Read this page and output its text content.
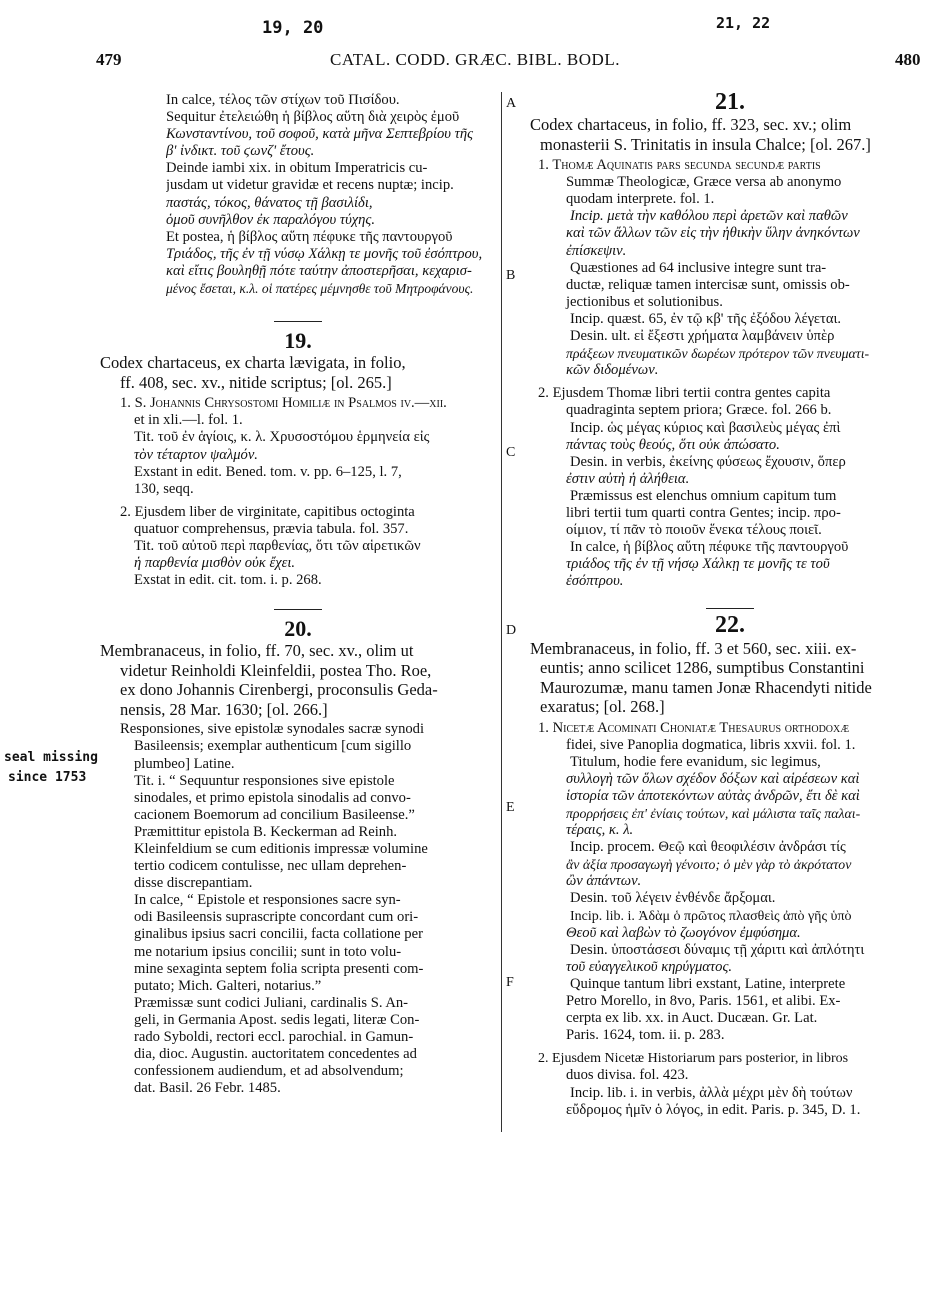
19, 20	21, 22
seal missing
since 1753
479	CATAL. CODD. GRÆC. BIBL. BODL.	480
A
B
C
D
E
F

In calce, τέλος τῶν στίχων τοῦ Πισίδου.

Sequitur ἐτελειώθη ἡ βίβλος αὕτη διὰ χειρὸς ἐμοῦ

Κωνσταντίνου, τοῦ σοφοῦ, κατὰ μῆνα Σεπτεβρίου τῆς

β' ἰνδικτ. τοῦ ϛωνζ' ἔτους.

Deinde iambi xix. in obitum Imperatricis cu-

jusdam ut videtur gravidæ et recens nuptæ; incip.

παστάς, τόκος, θάνατος τῇ βασιλίδι,

ὁμοῦ συνῆλθον ἐκ παραλόγου τύχης.

Et postea, ἡ βίβλος αὕτη πέφυκε τῆς παντουργοῦ

Τριάδος, τῆς ἐν τῇ νύσῳ Χάλκῃ τε μονῆς τοῦ ἐσόπτρου,

καὶ εἴτις βουληθῇ πότε ταύτην ἀποστερῆσαι, κεχαρισ-

μένος ἔσεται, κ.λ. οἱ πατέρες μέμνησθε τοῦ Μητροφάνους.

19.

Codex chartaceus, ex charta lævigata, in folio,

ff. 408, sec. xv., nitide scriptus; [ol. 265.]

1. S. Johannis Chrysostomi Homiliæ in Psalmos iv.—xii.

et in xli.—l. fol. 1.

Tit. τοῦ ἐν ἁγίοις, κ. λ. Χρυσοστόμου ἑρμηνεία εἰς

τὸν τέταρτον ψαλμόν.

Exstant in edit. Bened. tom. v. pp. 6–125, l. 7,

130, seqq.

2. Ejusdem liber de virginitate, capitibus octoginta

quatuor comprehensus, prævia tabula. fol. 357.

Tit. τοῦ αὐτοῦ περὶ παρθενίας, ὅτι τῶν αἱρετικῶν

ἡ παρθενία μισθὸν οὐκ ἔχει.

Exstat in edit. cit. tom. i. p. 268.

20.

Membranaceus, in folio, ff. 70, sec. xv., olim ut

videtur Reinholdi Kleinfeldii, postea Tho. Roe,

ex dono Johannis Cirenbergi, proconsulis Geda-

nensis, 28 Mar. 1630; [ol. 266.]

Responsiones, sive epistolæ synodales sacræ synodi

Basileensis; exemplar authenticum [cum sigillo

plumbeo] Latine.

Tit. i. “ Sequuntur responsiones sive epistole

sinodales, et primo epistola sinodalis ad convo-

cacionem Boemorum ad concilium Basileense.”

Præmittitur epistola B. Keckerman ad Reinh.

Kleinfeldium se cum editionis impressæ volumine

tertio codicem contulisse, nec ullam deprehen-

disse discrepantiam.

In calce, “ Epistole et responsiones sacre syn-

odi Basileensis suprascripte concordant cum ori-

ginalibus ipsius sacri concilii, facta collatione per

me notarium ipsius concilii; sunt in toto volu-

mine sexaginta septem folia scripta presenti com-

putato; Mich. Galteri, notarius.”

Præmissæ sunt codici Juliani, cardinalis S. An-

geli, in Germania Apost. sedis legati, literæ Con-

rado Syboldi, rectori eccl. parochial. in Gamun-

dia, dioc. Augustin. auctoritatem concedentes ad

confessionem audiendum, et ad absolvendum;

dat. Basil. 26 Febr. 1485.

21.

Codex chartaceus, in folio, ff. 323, sec. xv.; olim

monasterii S. Trinitatis in insula Chalce; [ol. 267.]

1. Thomæ Aquinatis pars secunda secundæ partis

Summæ Theologicæ, Græce versa ab anonymo

quodam interprete. fol. 1.

Incip. μετὰ τὴν καθόλου περὶ ἀρετῶν καὶ παθῶν

καὶ τῶν ἄλλων τῶν εἰς τὴν ἠθικὴν ὕλην ἀνηκόντων

ἐπίσκεψιν.

Quæstiones ad 64 inclusive integre sunt tra-

ductæ, reliquæ tamen intercisæ sunt, omissis ob-

jectionibus et solutionibus.

Incip. quæst. 65, ἐν τῷ κβ' τῆς ἐξόδου λέγεται.

Desin. ult. εἰ ἔξεστι χρήματα λαμβάνειν ὑπὲρ

πράξεων πνευματικῶν δωρέων πρότερον τῶν πνευματι-

κῶν διδομένων.

2. Ejusdem Thomæ libri tertii contra gentes capita

quadraginta septem priora; Græce. fol. 266 b.

Incip. ὡς μέγας κύριος καὶ βασιλεὺς μέγας ἐπὶ

πάντας τοὺς θεούς, ὅτι οὐκ ἀπώσατο.

Desin. in verbis, ἐκείνης φύσεως ἔχουσιν, ὅπερ

ἐστιν αὐτὴ ἡ ἀλήθεια.

Præmissus est elenchus omnium capitum tum

libri tertii tum quarti contra Gentes; incip. προ-

οίμιον, τί πᾶν τὸ ποιοῦν ἕνεκα τέλους ποιεῖ.

In calce, ἡ βίβλος αὕτη πέφυκε τῆς παντουργοῦ

τριάδος τῆς ἐν τῇ νήσῳ Χάλκῃ τε μονῆς τε τοῦ

ἐσόπτρου.

22.

Membranaceus, in folio, ff. 3 et 560, sec. xiii. ex-

euntis; anno scilicet 1286, sumptibus Constantini

Maurozumæ, manu tamen Jonæ Rhacendyti nitide

exaratus; [ol. 268.]

1. Nicetæ Acominati Choniatæ Thesaurus orthodoxæ

fidei, sive Panoplia dogmatica, libris xxvii. fol. 1.

Titulum, hodie fere evanidum, sic legimus,

συλλογὴ τῶν ὅλων σχέδον δόξων καὶ αἱρέσεων καὶ

ἱστορία τῶν ἀποτεκόντων αὐτὰς ἀνδρῶν, ἔτι δὲ καὶ

προρρήσεις ἐπ' ἐνίαις τούτων, καὶ μάλιστα ταῖς παλαι-

τέραις, κ. λ.

Incip. procem. Θεῷ καὶ θεοφιλέσιν ἀνδράσι τίς

ἂν ἀξία προσαγωγὴ γένοιτο; ὁ μὲν γὰρ τὸ ἀκρότατον

ὢν ἁπάντων.

Desin. τοῦ λέγειν ἐνθένδε ἄρξομαι.

Incip. lib. i. Ἀδὰμ ὁ πρῶτος πλασθεὶς ἀπὸ γῆς ὑπὸ

Θεοῦ καὶ λαβὼν τὸ ζωογόνον ἐμφύσημα.

Desin. ὑποστάσεσι δύναμις τῇ χάριτι καὶ ἀπλότητι

τοῦ εὐαγγελικοῦ κηρύγματος.

Quinque tantum libri exstant, Latine, interprete

Petro Morello, in 8vo, Paris. 1561, et alibi. Ex-

cerpta ex lib. xx. in Auct. Ducæan. Gr. Lat.

Paris. 1624, tom. ii. p. 283.

2. Ejusdem Nicetæ Historiarum pars posterior, in libros

duos divisa. fol. 423.

Incip. lib. i. in verbis, ἀλλὰ μέχρι μὲν δὴ τούτων

εὔδρομος ἡμῖν ὁ λόγος, in edit. Paris. p. 345, D. 1.
